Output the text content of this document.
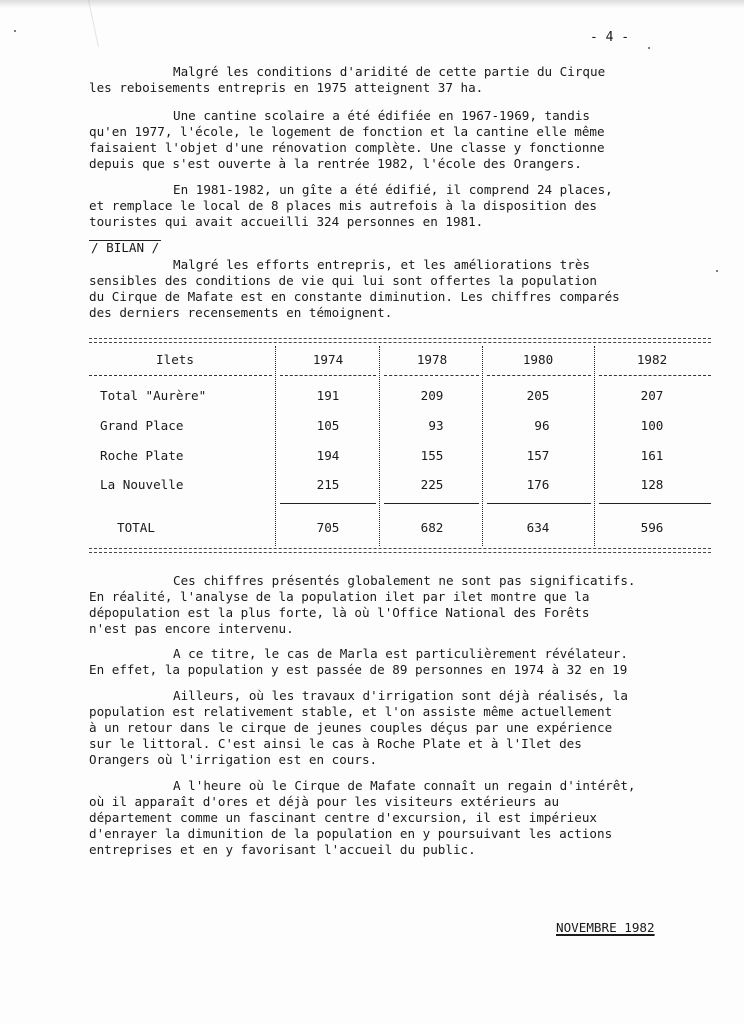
- 4 -
Malgré les conditions d'aridité de cette partie du Cirque
les reboisements entrepris en 1975 atteignent 37 ha.
Une cantine scolaire a été édifiée en 1967-1969, tandis
qu'en 1977, l'école, le logement de fonction et la cantine elle même
faisaient l'objet d'une rénovation complète. Une classe y fonctionne
depuis que s'est ouverte à la rentrée 1982, l'école des Orangers.
En 1981-1982, un gîte a été édifié, il comprend 24 places,
et remplace le local de 8 places mis autrefois à la disposition des
touristes qui avait accueilli 324 personnes en 1981.
/ BILAN /
Malgré les efforts entrepris, et les améliorations très
sensibles des conditions de vie qui lui sont offertes la population
du Cirque de Mafate est en constante diminution. Les chiffres comparés
des derniers recensements en témoignent.
Ilets	1974	1978	1980	1982
Total "Aurère"	191	209	205	207
Grand Place	105	93	96	100
Roche Plate	194	155	157	161
La Nouvelle	215	225	176	128
TOTAL	705	682	634	596
Ces chiffres présentés globalement ne sont pas significatifs.
En réalité, l'analyse de la population ilet par ilet montre que la
dépopulation est la plus forte, là où l'Office National des Forêts
n'est pas encore intervenu.
A ce titre, le cas de Marla est particulièrement révélateur.
En effet, la population y est passée de 89 personnes en 1974 à 32 en 19
Ailleurs, où les travaux d'irrigation sont déjà réalisés, la
population est relativement stable, et l'on assiste même actuellement
à un retour dans le cirque de jeunes couples déçus par une expérience
sur le littoral. C'est ainsi le cas à Roche Plate et à l'Ilet des
Orangers où l'irrigation est en cours.
A l'heure où le Cirque de Mafate connaît un regain d'intérêt,
où il apparaît d'ores et déjà pour les visiteurs extérieurs au
département comme un fascinant centre d'excursion, il est impérieux
d'enrayer la dimunition de la population en y poursuivant les actions
entreprises et en y favorisant l'accueil du public.
NOVEMBRE 1982
